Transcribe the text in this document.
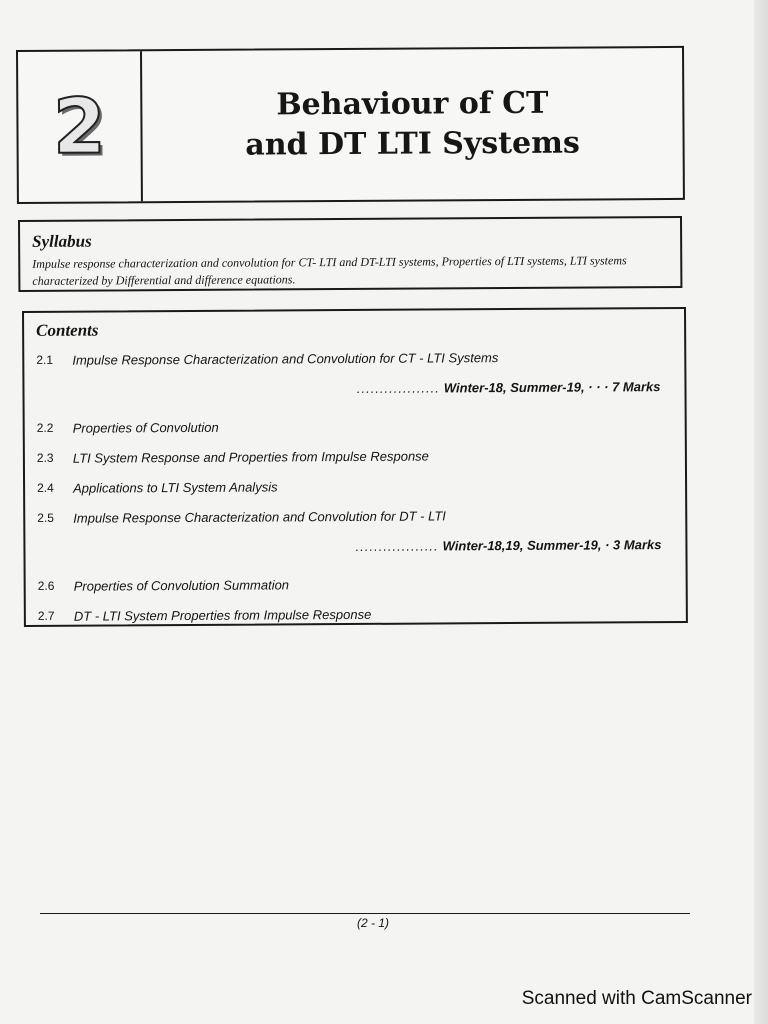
2	Behaviour of CT
and DT LTI Systems
Syllabus
Impulse response characterization and convolution for CT- LTI and DT-LTI systems, Properties of LTI systems, LTI systems characterized by Differential and difference equations.
Contents
2.1	Impulse Response Characterization and Convolution for CT - LTI Systems
.................. Winter-18, Summer-19, · · · 7 Marks
2.2	Properties of Convolution
2.3	LTI System Response and Properties from Impulse Response
2.4	Applications to LTI System Analysis
2.5	Impulse Response Characterization and Convolution for DT - LTI
.................. Winter-18,19, Summer-19, · 3 Marks
2.6	Properties of Convolution Summation
2.7	DT - LTI System Properties from Impulse Response
(2 - 1)
Scanned with CamScanner
